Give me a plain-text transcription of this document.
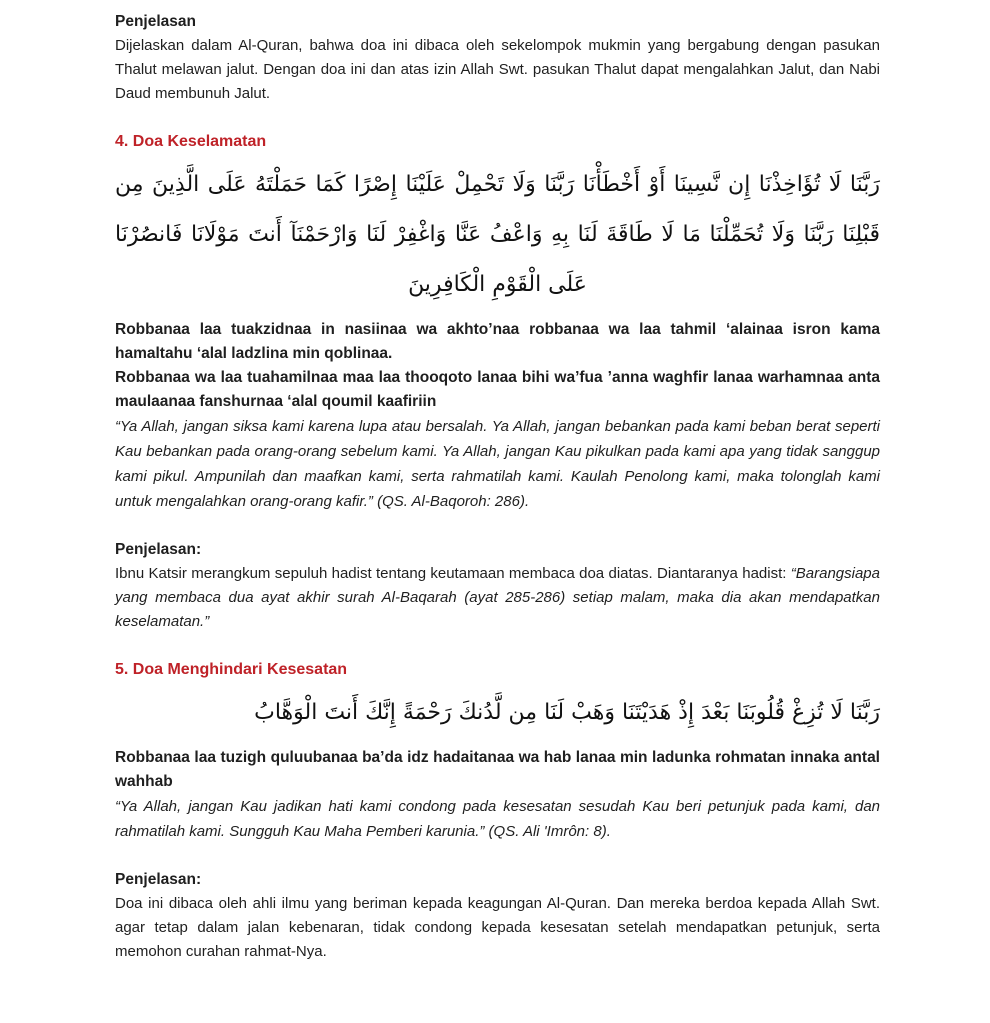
Penjelasan

Dijelaskan dalam Al-Quran, bahwa doa ini dibaca oleh sekelompok mukmin yang bergabung dengan pasukan Thalut melawan jalut. Dengan doa ini dan atas izin Allah Swt. pasukan Thalut dapat mengalahkan Jalut, dan Nabi Daud membunuh Jalut.

4. Doa Keselamatan
رَبَّنَا لَا تُؤَاخِذْنَا إِن نَّسِينَا أَوْ أَخْطَأْنَا رَبَّنَا وَلَا تَحْمِلْ عَلَيْنَا إِصْرًا كَمَا حَمَلْتَهُ عَلَى الَّذِينَ مِن
قَبْلِنَا رَبَّنَا وَلَا تُحَمِّلْنَا مَا لَا طَاقَةَ لَنَا بِهِ وَاعْفُ عَنَّا وَاغْفِرْ لَنَا وَارْحَمْنَآ أَنتَ مَوْلَانَا فَانصُرْنَا
عَلَى الْقَوْمِ الْكَافِرِينَ

Robbanaa laa tuakzidnaa in nasiinaa wa akhto’naa robbanaa wa laa tahmil ‘alainaa isron kama hamaltahu ‘alal ladzlina min qoblinaa.

Robbanaa wa laa tuahamilnaa maa laa thooqoto lanaa bihi wa’fua ’anna waghfir lanaa warhamnaa anta maulaanaa fanshurnaa ‘alal qoumil kaafiriin

“Ya Allah, jangan siksa kami karena lupa atau bersalah. Ya Allah, jangan bebankan pada kami beban berat seperti Kau bebankan pada orang-orang sebelum kami. Ya Allah, jangan Kau pikulkan pada kami apa yang tidak sanggup kami pikul. Ampunilah dan maafkan kami, serta rahmatilah kami. Kaulah Penolong kami, maka tolonglah kami untuk mengalahkan orang-orang kafir.” (QS. Al-Baqoroh: 286).

Penjelasan:

Ibnu Katsir merangkum sepuluh hadist tentang keutamaan membaca doa diatas. Diantaranya hadist: “Barangsiapa yang membaca dua ayat akhir surah Al-Baqarah (ayat 285-286) setiap malam, maka dia akan mendapatkan keselamatan.”

5. Doa Menghindari Kesesatan
رَبَّنَا لَا تُزِغْ قُلُوبَنَا بَعْدَ إِذْ هَدَيْتَنَا وَهَبْ لَنَا مِن لَّدُنكَ رَحْمَةً إِنَّكَ أَنتَ الْوَهَّابُ

Robbanaa laa tuzigh quluubanaa ba’da idz hadaitanaa wa hab lanaa min ladunka rohmatan innaka antal wahhab

“Ya Allah, jangan Kau jadikan hati kami condong pada kesesatan sesudah Kau beri petunjuk pada kami, dan rahmatilah kami. Sungguh Kau Maha Pemberi karunia.” (QS. Ali 'Imrôn: 8).

Penjelasan:

Doa ini dibaca oleh ahli ilmu yang beriman kepada keagungan Al-Quran. Dan mereka berdoa kepada Allah Swt. agar tetap dalam jalan kebenaran, tidak condong kepada kesesatan setelah mendapatkan petunjuk, serta memohon curahan rahmat-Nya.
